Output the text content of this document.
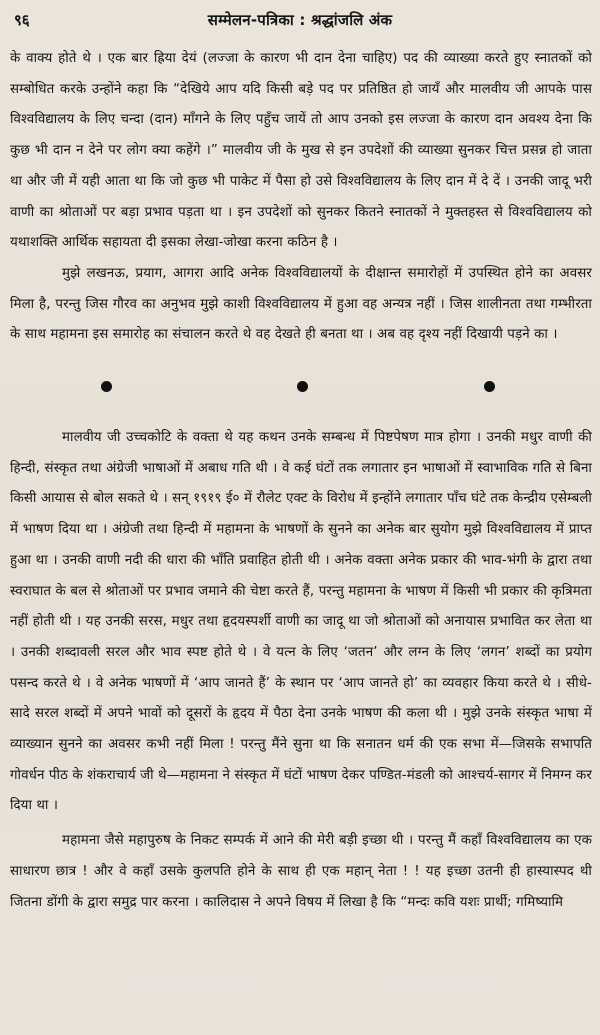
९६	सम्मेलन-पत्रिका : श्रद्धांजलि अंक

के वाक्य होते थे । एक बार ह्रिया देयं (लज्जा के कारण भी दान देना चाहिए) पद की व्याख्या करते हुए स्नातकों को सम्बोधित करके उन्होंने कहा कि “देखिये आप यदि किसी बड़े पद पर प्रतिष्ठित हो जायँ और मालवीय जी आपके पास विश्वविद्यालय के लिए चन्दा (दान) माँगने के लिए पहुँच जायें तो आप उनको इस लज्जा के कारण दान अवश्य देना कि कुछ भी दान न देने पर लोग क्या कहेंगे ।” मालवीय जी के मुख से इन उपदेशों की व्याख्या सुनकर चित्त प्रसन्न हो जाता था और जी में यही आता था कि जो कुछ भी पाकेट में पैसा हो उसे विश्वविद्यालय के लिए दान में दे दें । उनकी जादू भरी वाणी का श्रोताओं पर बड़ा प्रभाव पड़ता था । इन उपदेशों को सुनकर कितने स्नातकों ने मुक्तहस्त से विश्वविद्यालय को यथाशक्ति आर्थिक सहायता दी इसका लेखा-जोखा करना कठिन है ।

मुझे लखनऊ, प्रयाग, आगरा आदि अनेक विश्वविद्यालयों के दीक्षान्त समारोहों में उपस्थित होने का अवसर मिला है, परन्तु जिस गौरव का अनुभव मुझे काशी विश्वविद्यालय में हुआ वह अन्यत्र नहीं । जिस शालीनता तथा गम्भीरता के साथ महामना इस समारोह का संचालन करते थे वह देखते ही बनता था । अब वह दृश्य नहीं दिखायी पड़ने का ।

मालवीय जी उच्चकोटि के वक्ता थे यह कथन उनके सम्बन्ध में पिष्टपेषण मात्र होगा । उनकी मधुर वाणी की हिन्दी, संस्कृत तथा अंग्रेजी भाषाओं में अबाध गति थी । वे कई घंटों तक लगातार इन भाषाओं में स्वाभाविक गति से बिना किसी आयास से बोल सकते थे । सन् १९१९ ई० में रौलेट एक्ट के विरोध में इन्होंने लगातार पाँच घंटे तक केन्द्रीय एसेम्बली में भाषण दिया था । अंग्रेजी तथा हिन्दी में महामना के भाषणों के सुनने का अनेक बार सुयोग मुझे विश्वविद्यालय में प्राप्त हुआ था । उनकी वाणी नदी की धारा की भाँति प्रवाहित होती थी । अनेक वक्ता अनेक प्रकार की भाव-भंगी के द्वारा तथा स्वराघात के बल से श्रोताओं पर प्रभाव जमाने की चेष्टा करते हैं, परन्तु महामना के भाषण में किसी भी प्रकार की कृत्रिमता नहीं होती थी । यह उनकी सरस, मधुर तथा हृदयस्पर्शी वाणी का जादू था जो श्रोताओं को अनायास प्रभावित कर लेता था । उनकी शब्दावली सरल और भाव स्पष्ट होते थे । वे यत्न के लिए ‘जतन’ और लग्न के लिए ‘लगन’ शब्दों का प्रयोग पसन्द करते थे । वे अनेक भाषणों में ‘आप जानते हैं’ के स्थान पर ‘आप जानते हो’ का व्यवहार किया करते थे । सीधे-सादे सरल शब्दों में अपने भावों को दूसरों के हृदय में पैठा देना उनके भाषण की कला थी । मुझे उनके संस्कृत भाषा में व्याख्यान सुनने का अवसर कभी नहीं मिला ! परन्तु मैंने सुना था कि सनातन धर्म की एक सभा में—जिसके सभापति गोवर्धन पीठ के शंकराचार्य जी थे—महामना ने संस्कृत में घंटों भाषण देकर पण्डित-मंडली को आश्चर्य-सागर में निमग्न कर दिया था ।

महामना जैसे महापुरुष के निकट सम्पर्क में आने की मेरी बड़ी इच्छा थी । परन्तु मैं कहाँ विश्वविद्यालय का एक साधारण छात्र ! और वे कहाँ उसके कुलपति होने के साथ ही एक महान् नेता ! ! यह इच्छा उतनी ही हास्यास्पद थी जितना डोंगी के द्वारा समुद्र पार करना । कालिदास ने अपने विषय में लिखा है कि “मन्दः कवि यशः प्रार्थी; गमिष्यामि
